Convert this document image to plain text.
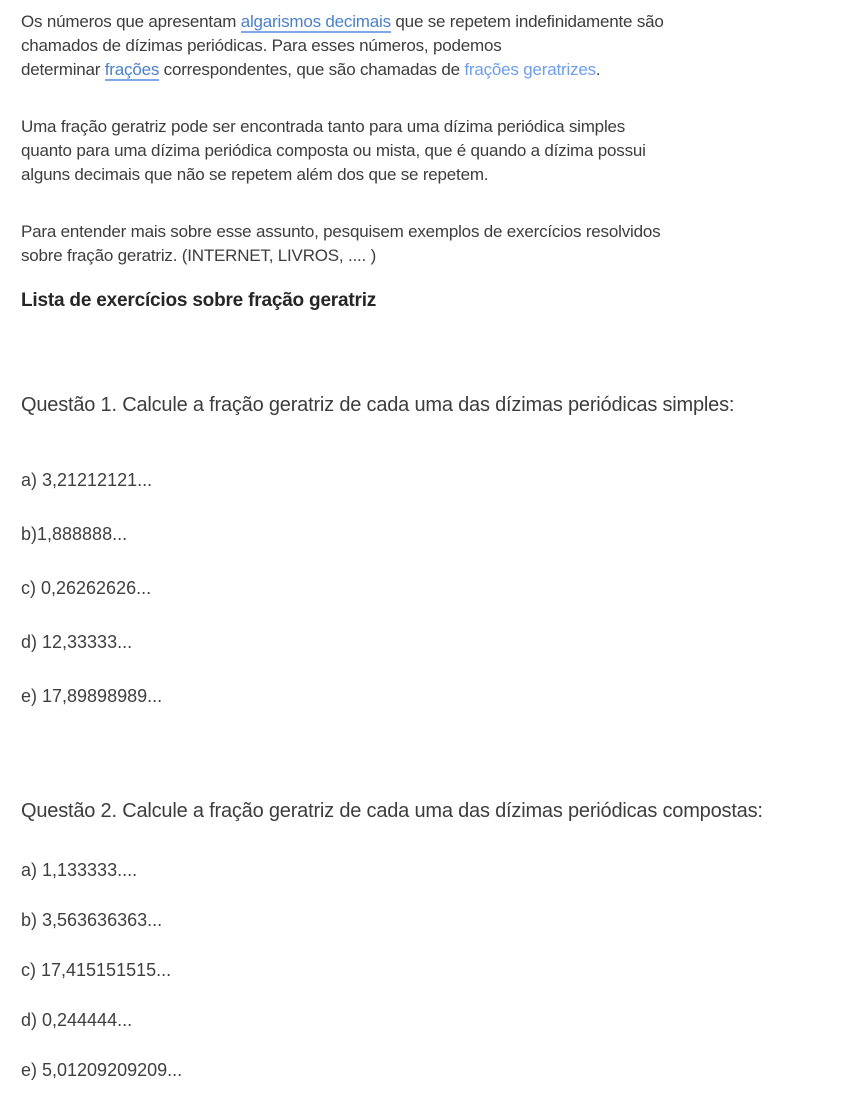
Os números que apresentam algarismos decimais que se repetem indefinidamente são
chamados de dízimas periódicas. Para esses números, podemos
determinar frações correspondentes, que são chamadas de frações geratrizes.

Uma fração geratriz pode ser encontrada tanto para uma dízima periódica simples
quanto para uma dízima periódica composta ou mista, que é quando a dízima possui
alguns decimais que não se repetem além dos que se repetem.

Para entender mais sobre esse assunto, pesquisem exemplos de exercícios resolvidos
sobre fração geratriz. (INTERNET, LIVROS, .... )

Lista de exercícios sobre fração geratriz

Questão 1. Calcule a fração geratriz de cada uma das dízimas periódicas simples:

a) 3,21212121...
b)1,888888...
c) 0,26262626...
d) 12,33333...
e) 17,89898989...

Questão 2. Calcule a fração geratriz de cada uma das dízimas periódicas compostas:

a) 1,133333....
b) 3,563636363...
c) 17,415151515...
d) 0,244444...
e) 5,01209209209...
